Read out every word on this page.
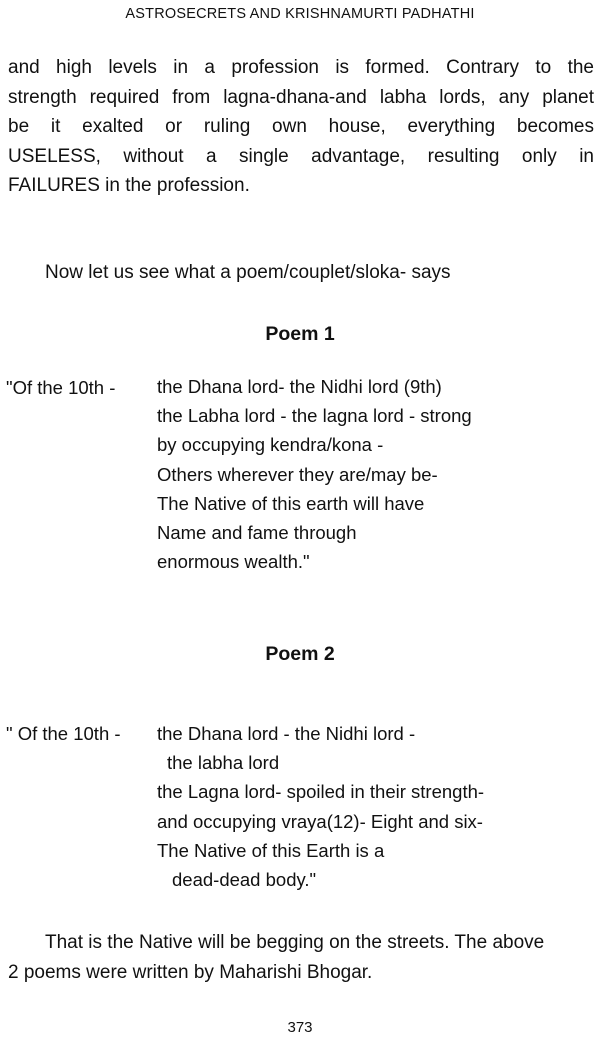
ASTROSECRETS AND KRISHNAMURTI PADHATHI
and high levels in a profession is formed. Contrary to the
strength required from lagna-dhana-and labha lords, any planet
be it exalted or ruling own house, everything becomes
USELESS, without a single advantage, resulting only in
FAILURES in the profession.
Now let us see what a poem/couplet/sloka- says
Poem 1
"Of the 10th - the Dhana lord- the Nidhi lord (9th)
the Labha lord - the lagna lord - strong
by occupying kendra/kona -
Others wherever they are/may be-
The Native of this earth will have
Name and fame through
enormous wealth."
Poem 2
" Of the 10th - the Dhana lord - the Nidhi lord -
the labha lord
the Lagna lord- spoiled in their strength-
and occupying vraya(12)- Eight and six-
The Native of this Earth is a
dead-dead body."
That is the Native will be begging on the streets. The above
2 poems were written by Maharishi Bhogar.
373
